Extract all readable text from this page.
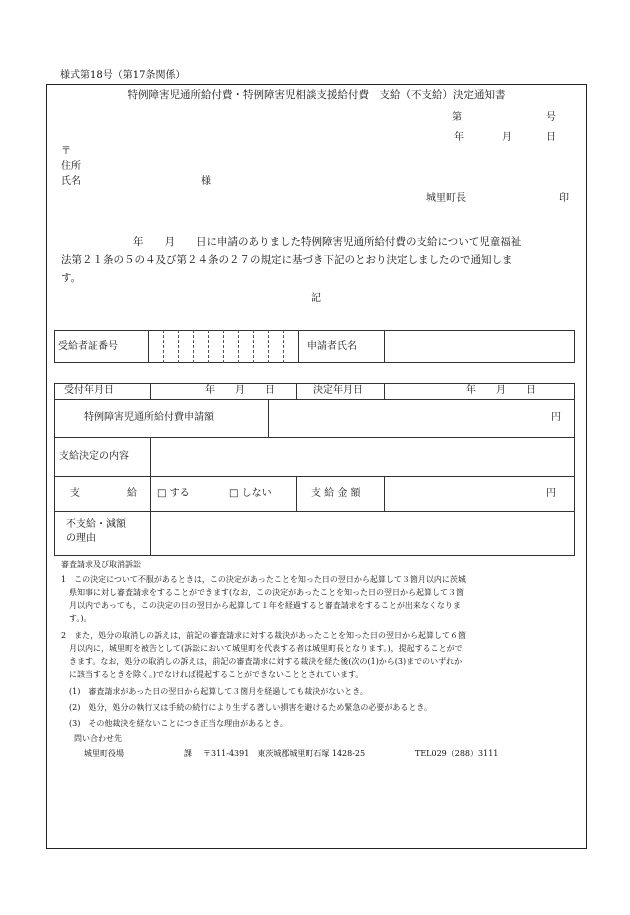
様式第18号（第17条関係）
特例障害児通所給付費・特例障害児相談支援給付費　支給（不支給）決定通知書
第	号
年	月	日
〒
住所
氏名	様
城里町長	印
年　　月　　日に申請のありました特例障害児通所給付費の支給について児童福祉
法第２１条の５の４及び第２４条の２７の規定に基づき下記のとおり決定しましたので通知しま
す。
記
受給者証番号	申請者氏名
受付年月日	年　　月　　日	決定年月日	年　　月　　日
特例障害児通所給付費申請額	円
支給決定の内容
支	給 □ する	□ しない	支 給 金 額	円
不支給・減額
の理由
審査請求及び取消訴訟
1　この決定について不服があるときは，この決定があったことを知った日の翌日から起算して３箇月以内に茨城
　県知事に対し審査請求をすることができます(なお，この決定があったことを知った日の翌日から起算して３箇
　月以内であっても，この決定の日の翌日から起算して１年を経過すると審査請求をすることが出来なくなりま
　す。)。
2　また，処分の取消しの訴えは，前記の審査請求に対する裁決があったことを知った日の翌日から起算して６箇
　月以内に，城里町を被告として(訴訟において城里町を代表する者は城里町長となります。)，提起することがで
　きます。なお，処分の取消しの訴えは，前記の審査請求に対する裁決を経た後(次の(1)から(3)までのいずれか
　に該当するときを除く。)でなければ提起することができないこととされています。
　(1)　審査請求があった日の翌日から起算して３箇月を経過しても裁決がないとき。
　(2)　処分，処分の執行又は手続の続行により生ずる著しい損害を避けるため緊急の必要があるとき。
　(3)　その他裁決を経ないことにつき正当な理由があるとき。
問い合わせ先
城里町役場	課 〒311-4391　東茨城郡城里町石塚 1428-25	TEL029（288）3111
